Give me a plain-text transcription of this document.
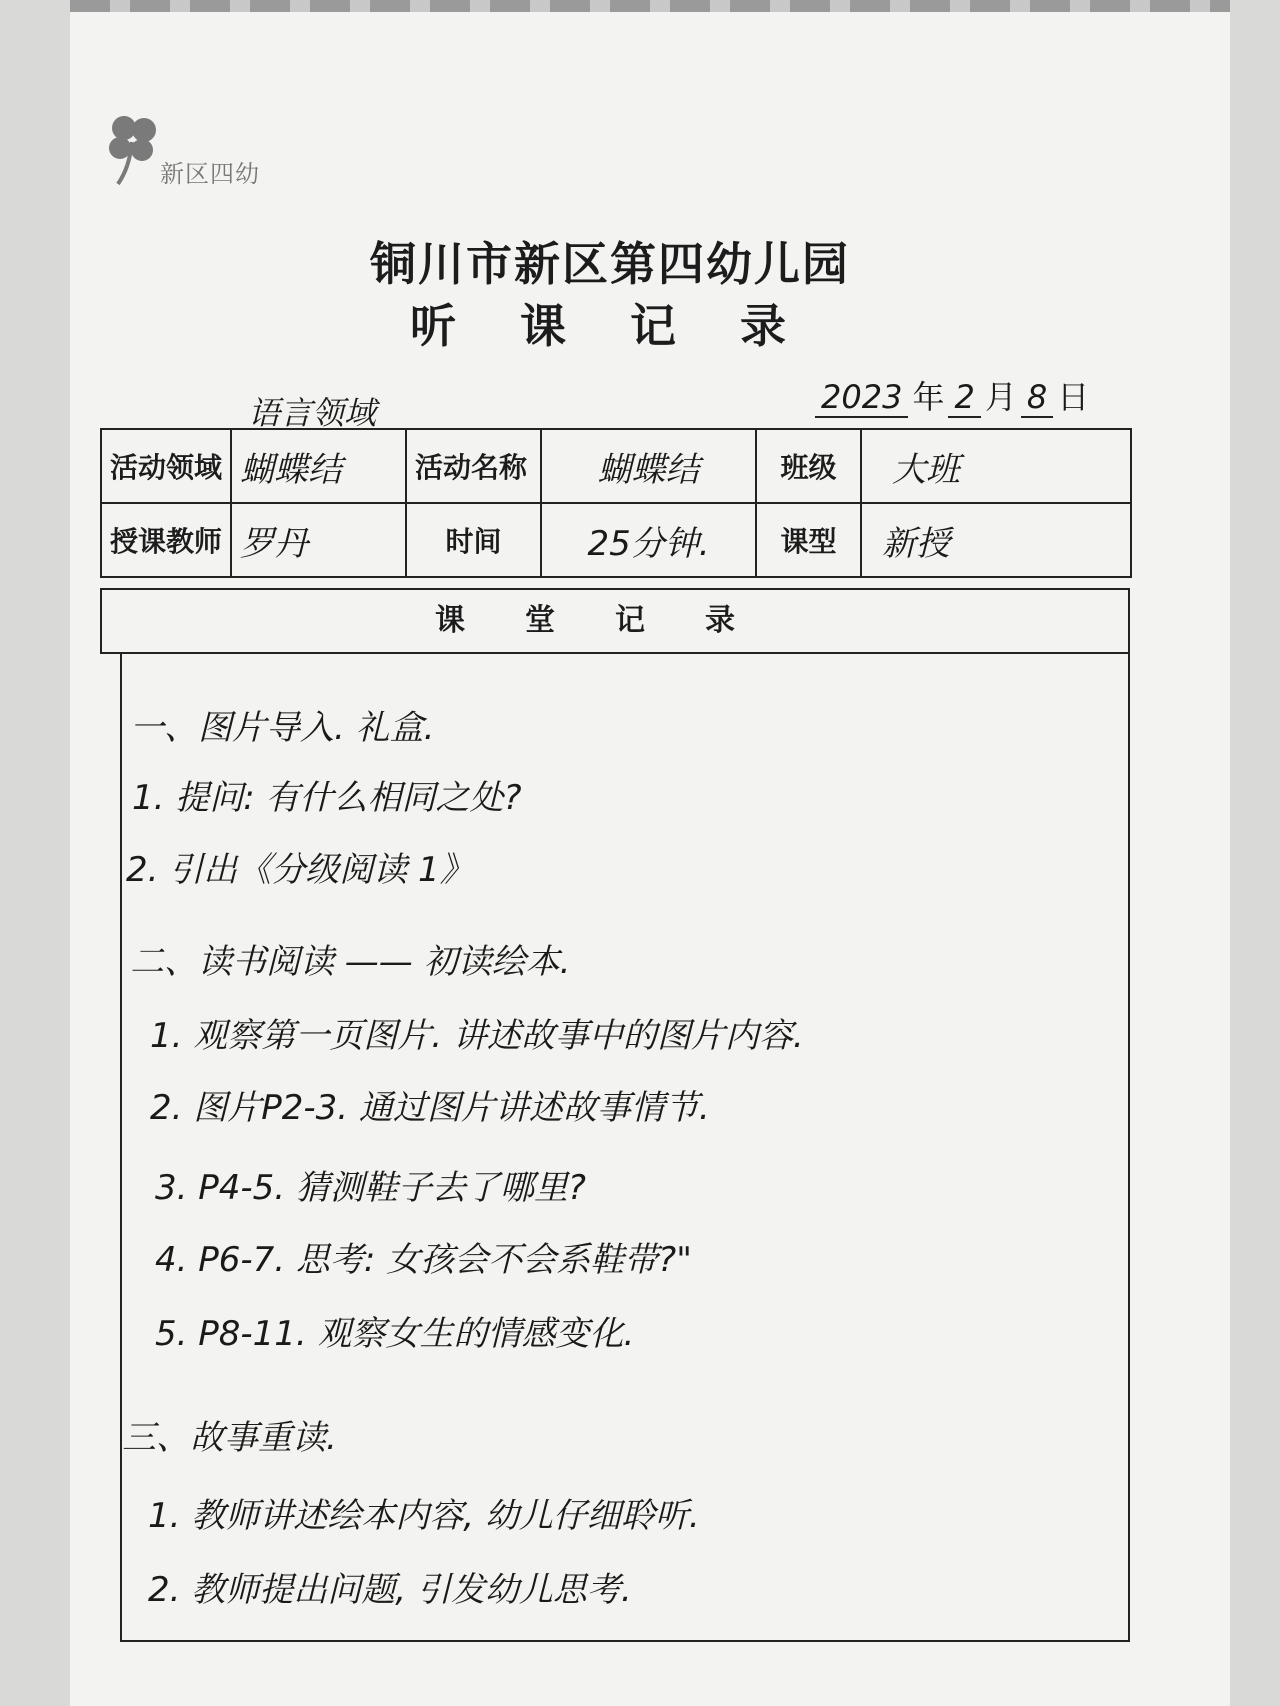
新区四幼
铜川市新区第四幼儿园
听 课 记 录
语言领域	2023 年 2 月 8 日
活动领域	蝴蝶结	活动名称	蝴蝶结	班级	大班
授课教师	罗丹	时间	25分钟.	课型	新授
课堂记录
一、图片导入. 礼盒.
1. 提问: 有什么相同之处?
2. 引出《分级阅读 1》
二、读书阅读 —— 初读绘本.
1. 观察第一页图片. 讲述故事中的图片内容.
2. 图片P2-3. 通过图片讲述故事情节.
3. P4-5. 猜测鞋子去了哪里?
4. P6-7. 思考: 女孩会不会系鞋带?"
5. P8-11. 观察女生的情感变化.
三、故事重读.
1. 教师讲述绘本内容, 幼儿仔细聆听.
2. 教师提出问题, 引发幼儿思考.
